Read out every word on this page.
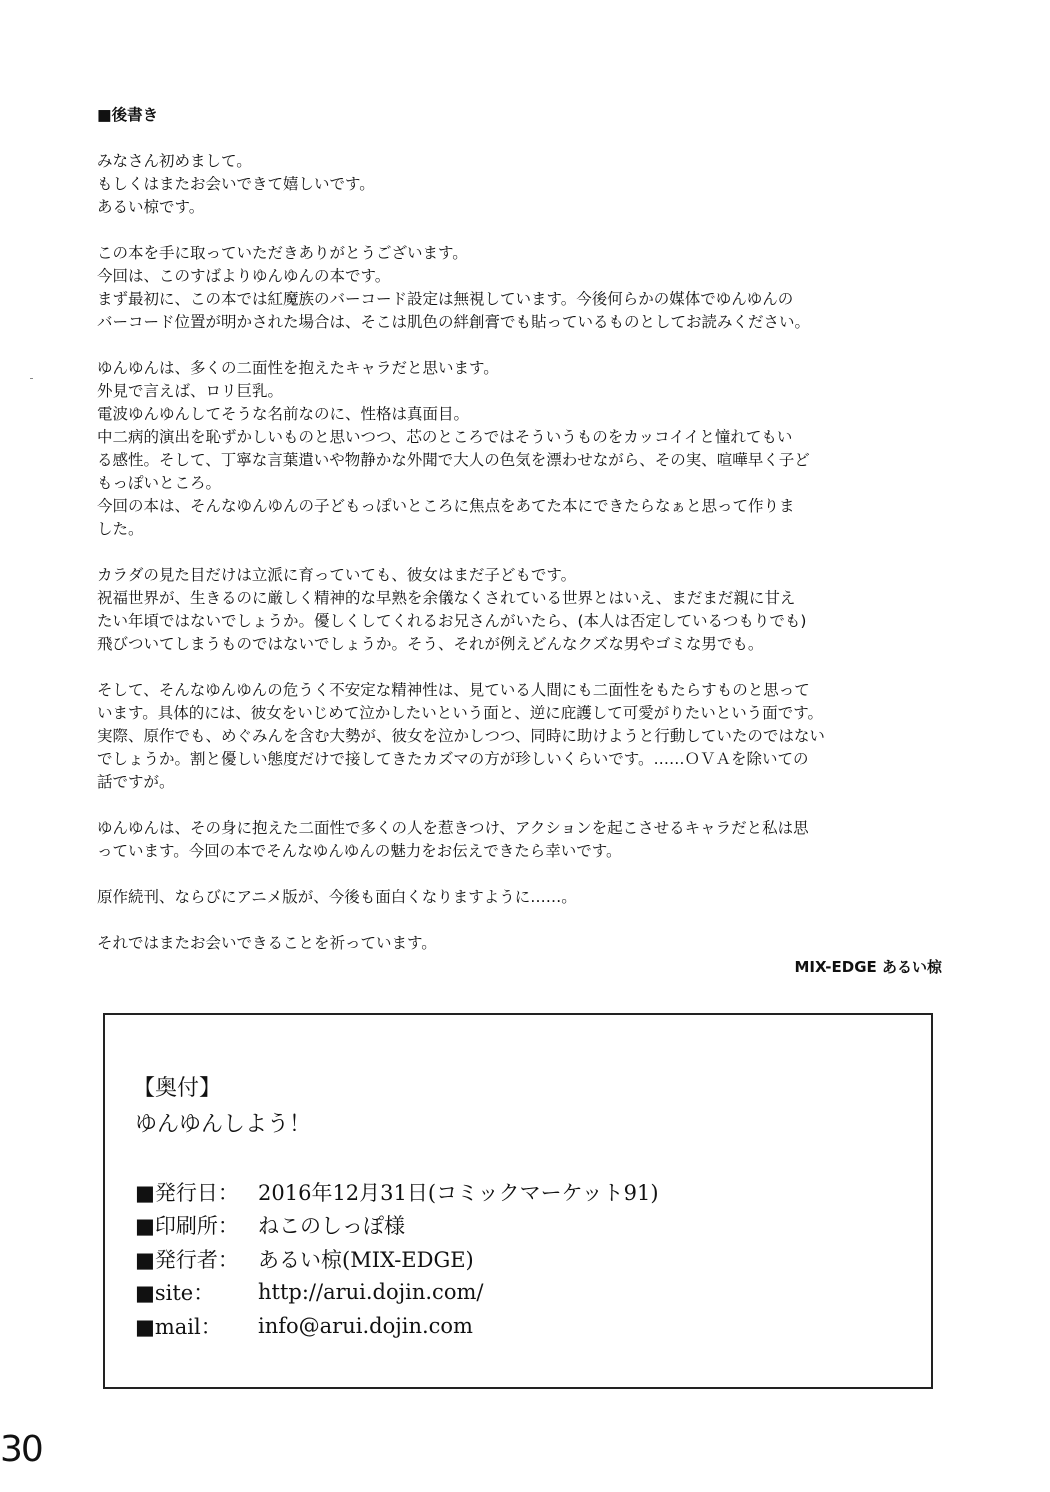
■後書き
みなさん初めまして。
もしくはまたお会いできて嬉しいです。
あるい椋です。
この本を手に取っていただきありがとうございます。
今回は、このすばよりゆんゆんの本です。
まず最初に、この本では紅魔族のバーコード設定は無視しています。今後何らかの媒体でゆんゆんの
バーコード位置が明かされた場合は、そこは肌色の絆創膏でも貼っているものとしてお読みください。
ゆんゆんは、多くの二面性を抱えたキャラだと思います。
外見で言えば、ロリ巨乳。
電波ゆんゆんしてそうな名前なのに、性格は真面目。
中二病的演出を恥ずかしいものと思いつつ、芯のところではそういうものをカッコイイと憧れてもい
る感性。そして、丁寧な言葉遣いや物静かな外聞で大人の色気を漂わせながら、その実、喧嘩早く子ど
もっぽいところ。
今回の本は、そんなゆんゆんの子どもっぽいところに焦点をあてた本にできたらなぁと思って作りま
した。
カラダの見た目だけは立派に育っていても、彼女はまだ子どもです。
祝福世界が、生きるのに厳しく精神的な早熟を余儀なくされている世界とはいえ、まだまだ親に甘え
たい年頃ではないでしょうか。優しくしてくれるお兄さんがいたら、(本人は否定しているつもりでも)
飛びついてしまうものではないでしょうか。そう、それが例えどんなクズな男やゴミな男でも。
そして、そんなゆんゆんの危うく不安定な精神性は、見ている人間にも二面性をもたらすものと思って
います。具体的には、彼女をいじめて泣かしたいという面と、逆に庇護して可愛がりたいという面です。
実際、原作でも、めぐみんを含む大勢が、彼女を泣かしつつ、同時に助けようと行動していたのではない
でしょうか。割と優しい態度だけで接してきたカズマの方が珍しいくらいです。……ＯＶＡを除いての
話ですが。
ゆんゆんは、その身に抱えた二面性で多くの人を惹きつけ、アクションを起こさせるキャラだと私は思
っています。今回の本でそんなゆんゆんの魅力をお伝えできたら幸いです。
原作続刊、ならびにアニメ版が、今後も面白くなりますように……。
それではまたお会いできることを祈っています。
MIX-EDGE あるい椋
【奥付】
ゆんゆんしよう！
■発行日： 2016年12月31日(コミックマーケット91)
■印刷所： ねこのしっぽ様
■発行者： あるい椋(MIX-EDGE)
■site：	http://arui.dojin.com/
■mail：	info@arui.dojin.com
30
